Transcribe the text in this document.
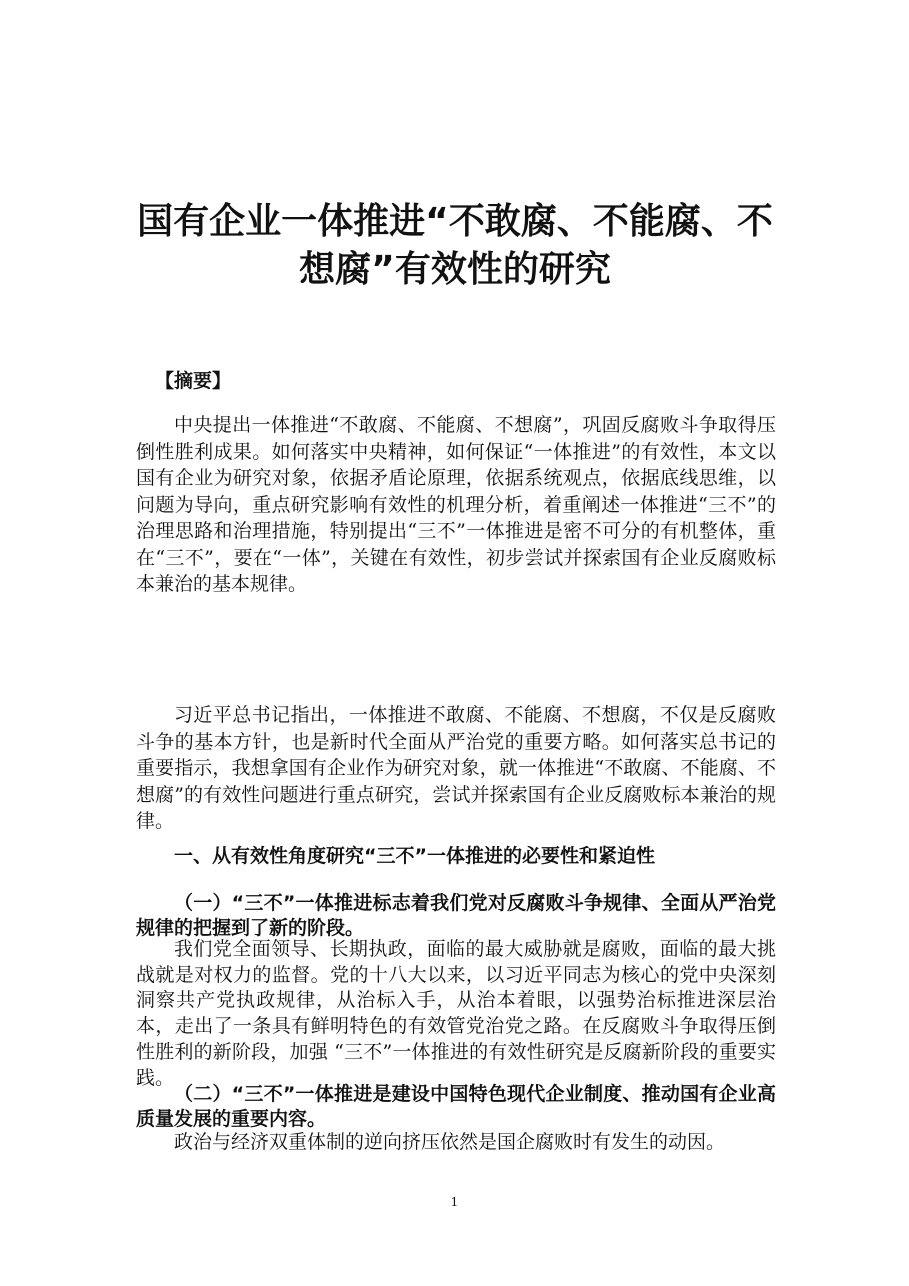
国有企业一体推进“不敢腐、不能腐、不想腐”有效性的研究
【摘要】
中央提出一体推进“不敢腐、不能腐、不想腐”，巩固反腐败斗争取得压倒性胜利成果。如何落实中央精神，如何保证“一体推进”的有效性，本文以国有企业为研究对象，依据矛盾论原理，依据系统观点，依据底线思维，以问题为导向，重点研究影响有效性的机理分析，着重阐述一体推进“三不”的治理思路和治理措施，特别提出“三不”一体推进是密不可分的有机整体，重在“三不”，要在“一体”，关键在有效性，初步尝试并探索国有企业反腐败标本兼治的基本规律。
习近平总书记指出，一体推进不敢腐、不能腐、不想腐，不仅是反腐败斗争的基本方针，也是新时代全面从严治党的重要方略。如何落实总书记的重要指示，我想拿国有企业作为研究对象，就一体推进“不敢腐、不能腐、不想腐”的有效性问题进行重点研究，尝试并探索国有企业反腐败标本兼治的规律。
一、从有效性角度研究“三不”一体推进的必要性和紧迫性
（一）“三不”一体推进标志着我们党对反腐败斗争规律、全面从严治党规律的把握到了新的阶段。
我们党全面领导、长期执政，面临的最大威胁就是腐败，面临的最大挑战就是对权力的监督。党的十八大以来，以习近平同志为核心的党中央深刻洞察共产党执政规律，从治标入手，从治本着眼，以强势治标推进深层治本，走出了一条具有鲜明特色的有效管党治党之路。在反腐败斗争取得压倒性胜利的新阶段，加强 “三不”一体推进的有效性研究是反腐新阶段的重要实践。
（二）“三不”一体推进是建设中国特色现代企业制度、推动国有企业高质量发展的重要内容。
政治与经济双重体制的逆向挤压依然是国企腐败时有发生的动因。
1
